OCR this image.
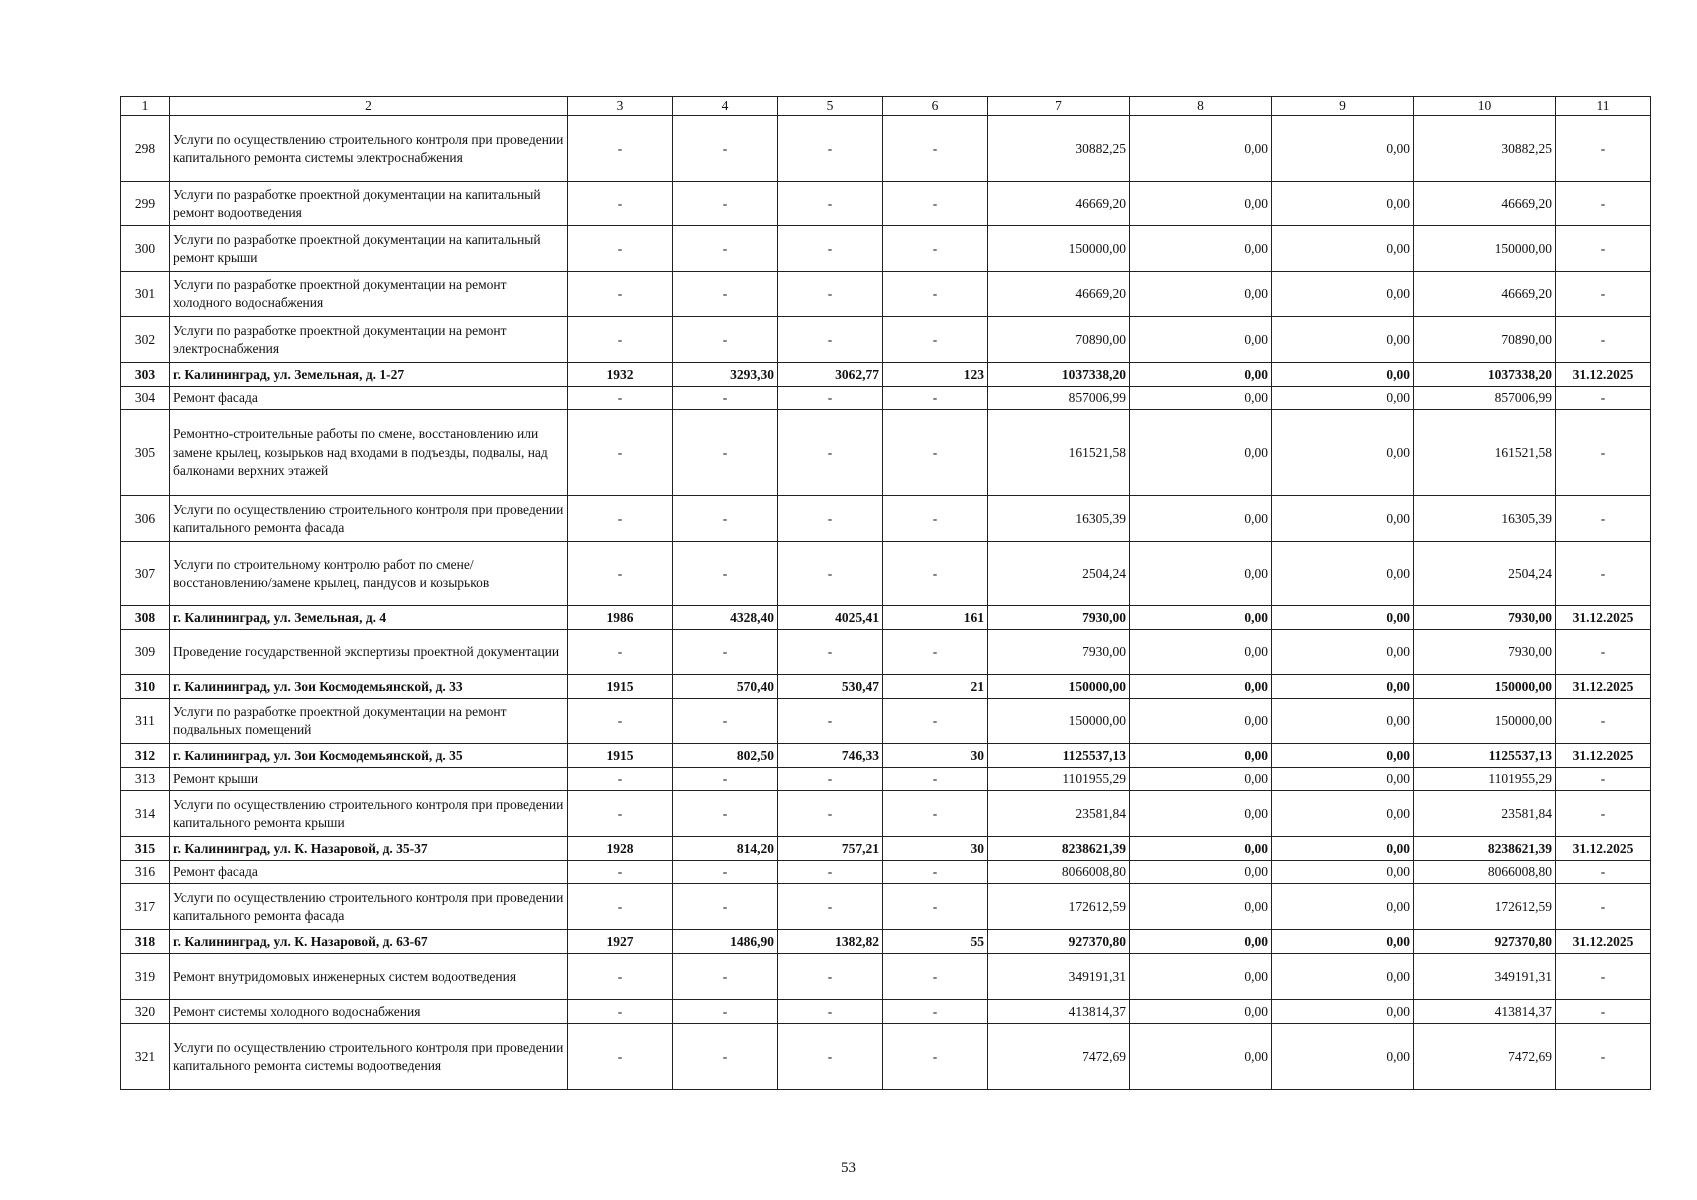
1	2	3	4	5	6	7	8	9	10	11
298	Услуги по осуществлению строительного контроля при проведении капитального ремонта системы электроснабжения	-	-	-	-	30882,25	0,00	0,00	30882,25	-
299	Услуги по разработке проектной документации на капитальный ремонт водоотведения	-	-	-	-	46669,20	0,00	0,00	46669,20	-
300	Услуги по разработке проектной документации на капитальный ремонт крыши	-	-	-	-	150000,00	0,00	0,00	150000,00	-
301	Услуги по разработке проектной документации на ремонт холодного водоснабжения	-	-	-	-	46669,20	0,00	0,00	46669,20	-
302	Услуги по разработке проектной документации на ремонт электроснабжения	-	-	-	-	70890,00	0,00	0,00	70890,00	-
303	г. Калининград, ул. Земельная, д. 1-27	1932	3293,30	3062,77	123	1037338,20	0,00	0,00	1037338,20	31.12.2025
304	Ремонт фасада	-	-	-	-	857006,99	0,00	0,00	857006,99	-
305	Ремонтно-строительные работы по смене, восстановлению или замене крылец, козырьков над входами в подъезды, подвалы, над балконами верхних этажей	-	-	-	-	161521,58	0,00	0,00	161521,58	-
306	Услуги по осуществлению строительного контроля при проведении капитального ремонта фасада	-	-	-	-	16305,39	0,00	0,00	16305,39	-
307	Услуги по строительному контролю работ по смене/восстановлению/замене крылец, пандусов и козырьков	-	-	-	-	2504,24	0,00	0,00	2504,24	-
308	г. Калининград, ул. Земельная, д. 4	1986	4328,40	4025,41	161	7930,00	0,00	0,00	7930,00	31.12.2025
309	Проведение государственной экспертизы проектной документации	-	-	-	-	7930,00	0,00	0,00	7930,00	-
310	г. Калининград, ул. Зои Космодемьянской, д. 33	1915	570,40	530,47	21	150000,00	0,00	0,00	150000,00	31.12.2025
311	Услуги по разработке проектной документации на ремонт подвальных помещений	-	-	-	-	150000,00	0,00	0,00	150000,00	-
312	г. Калининград, ул. Зои Космодемьянской, д. 35	1915	802,50	746,33	30	1125537,13	0,00	0,00	1125537,13	31.12.2025
313	Ремонт крыши	-	-	-	-	1101955,29	0,00	0,00	1101955,29	-
314	Услуги по осуществлению строительного контроля при проведении капитального ремонта крыши	-	-	-	-	23581,84	0,00	0,00	23581,84	-
315	г. Калининград, ул. К. Назаровой, д. 35-37	1928	814,20	757,21	30	8238621,39	0,00	0,00	8238621,39	31.12.2025
316	Ремонт фасада	-	-	-	-	8066008,80	0,00	0,00	8066008,80	-
317	Услуги по осуществлению строительного контроля при проведении капитального ремонта фасада	-	-	-	-	172612,59	0,00	0,00	172612,59	-
318	г. Калининград, ул. К. Назаровой, д. 63-67	1927	1486,90	1382,82	55	927370,80	0,00	0,00	927370,80	31.12.2025
319	Ремонт внутридомовых инженерных систем водоотведения	-	-	-	-	349191,31	0,00	0,00	349191,31	-
320	Ремонт системы холодного водоснабжения	-	-	-	-	413814,37	0,00	0,00	413814,37	-
321	Услуги по осуществлению строительного контроля при проведении капитального ремонта системы водоотведения	-	-	-	-	7472,69	0,00	0,00	7472,69	-
53
